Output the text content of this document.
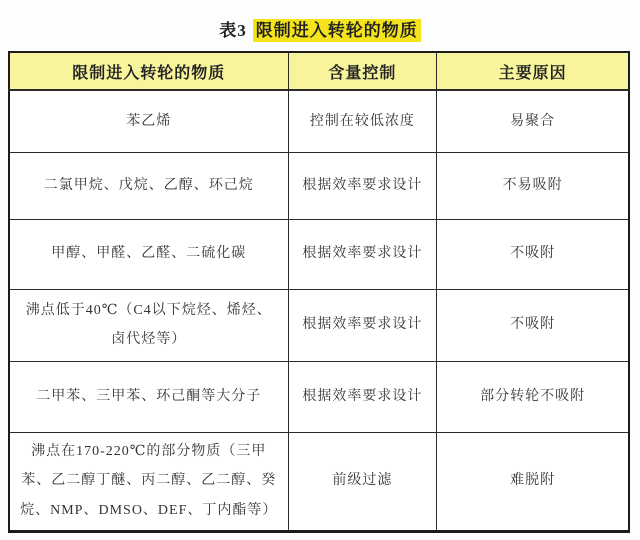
表3 限制进入转轮的物质
限制进入转轮的物质	含量控制	主要原因
苯乙烯	控制在较低浓度	易聚合
二氯甲烷、戊烷、乙醇、环己烷	根据效率要求设计	不易吸附
甲醇、甲醛、乙醛、二硫化碳	根据效率要求设计	不吸附
沸点低于40℃（C4以下烷烃、烯烃、卤代烃等）	根据效率要求设计	不吸附
二甲苯、三甲苯、环己酮等大分子	根据效率要求设计	部分转轮不吸附
沸点在170-220℃的部分物质（三甲苯、乙二醇丁醚、丙二醇、乙二醇、癸烷、NMP、DMSO、DEF、丁内酯等）	前级过滤	难脱附
